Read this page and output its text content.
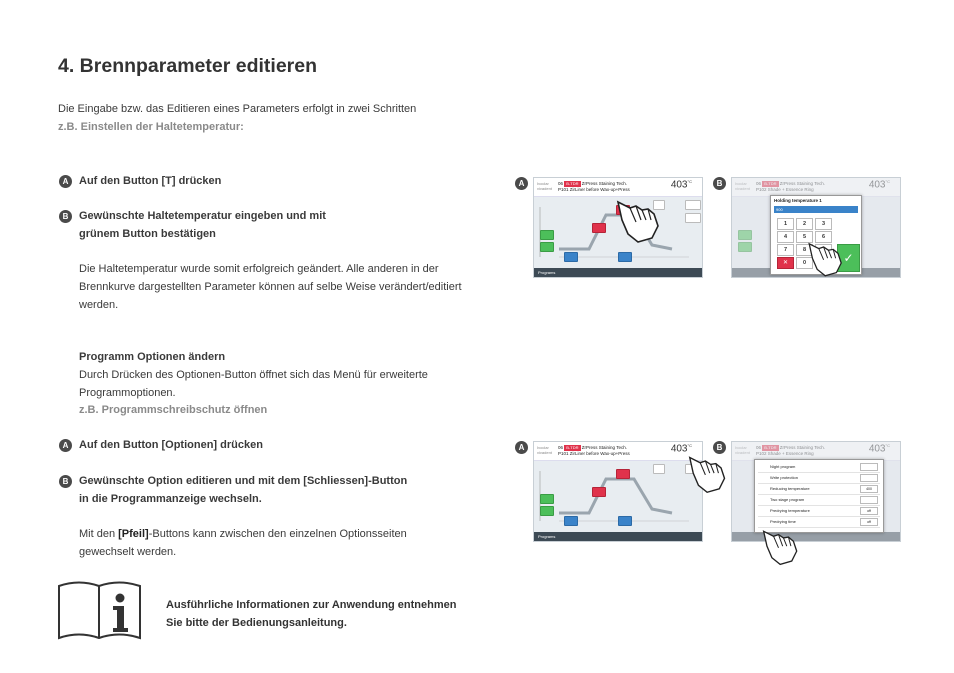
4. Brennparameter editieren
Die Eingabe bzw. das Editieren eines Parameters erfolgt in zwei Schritten
z.B. Einstellen der Haltetemperatur:
A Auf den Button [T] drücken
B Gewünschte Haltetemperatur eingeben und mit
grünem Button bestätigen
Die Haltetemperatur wurde somit erfolgreich geändert. Alle anderen in der
Brennkurve dargestellten Parameter können auf selbe Weise verändert/editiert
werden.
Programm Optionen ändern
Durch Drücken des Optionen-Button öffnet sich das Menü für erweiterte
Programmoptionen.
z.B. Programmschreibschutz öffnen
A Auf den Button [Optionen] drücken
B Gewünschte Option editieren und mit dem [Schliessen]-Button
in die Programmanzeige wechseln.
Mit den [Pfeil]-Buttons kann zwischen den einzelnen Optionsseiten
gewechselt werden.
Ausführliche Informationen zur Anwendung entnehmen
Sie bitte der Bedienungsanleitung.
A	Ivoclar vivadent
06 B-TDR ZrPress Staining Tech.
P101 ZirLiner before Wax-up+Press	$403^{^\circ C}$
Programs
B

Holding temperature 1
900
1	2	3
4	5	6
7	8
0
✕	✓
A	Ivoclar vivadent
06 B-TDR ZrPress Staining Tech.
P101 ZirLiner before Wax-up+Press	$403^{^\circ C}$
Programs
B

Night program
Write protection
Reducing temperature	400
Two stage program
Predrying temperature	off
Predrying time	off
